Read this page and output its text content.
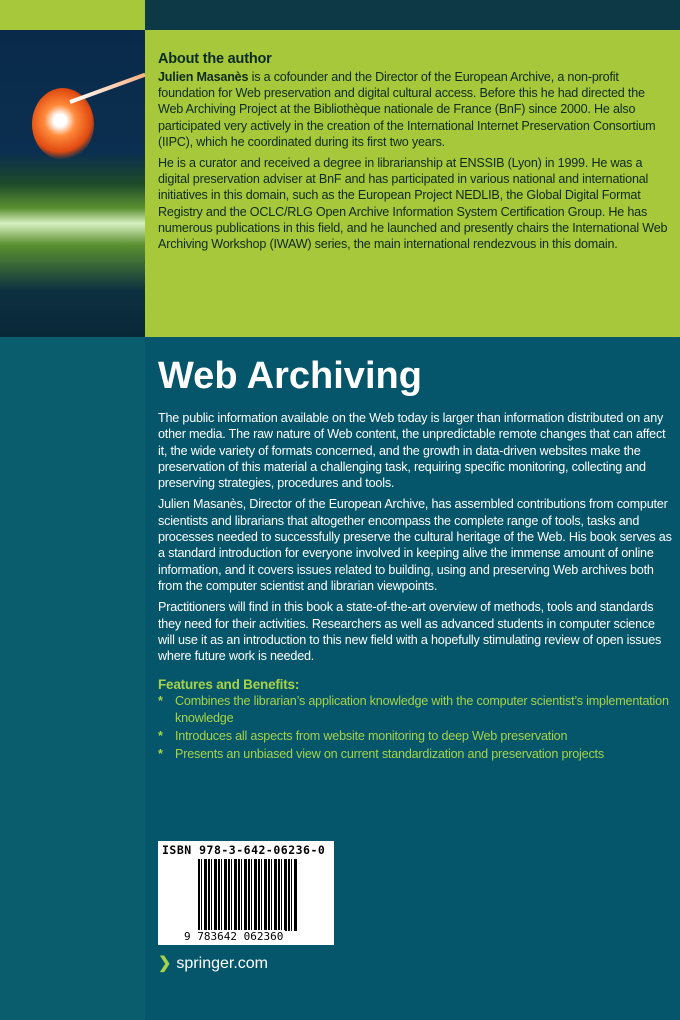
About the author

Julien Masanès is a cofounder and the Director of the European Archive, a non-profit foundation for Web preservation and digital cultural access. Before this he had directed the Web Archiving Project at the Bibliothèque nationale de France (BnF) since 2000. He also participated very actively in the creation of the International Internet Preservation Consortium (IIPC), which he coordinated during its first two years.

He is a curator and received a degree in librarianship at ENSSIB (Lyon) in 1999. He was a digital preservation adviser at BnF and has participated in various national and international initiatives in this domain, such as the European Project NEDLIB, the Global Digital Format Registry and the OCLC/RLG Open Archive Information System Certification Group. He has numerous publications in this field, and he launched and presently chairs the International Web Archiving Workshop (IWAW) series, the main international rendezvous in this domain.

Web Archiving

The public information available on the Web today is larger than information distributed on any other media. The raw nature of Web content, the unpredictable remote changes that can affect it, the wide variety of formats concerned, and the growth in data-driven websites make the preservation of this material a challenging task, requiring specific monitoring, collecting and preserving strategies, procedures and tools.

Julien Masanès, Director of the European Archive, has assembled contributions from computer scientists and librarians that altogether encompass the complete range of tools, tasks and processes needed to successfully preserve the cultural heritage of the Web. His book serves as a standard introduction for everyone involved in keeping alive the immense amount of online information, and it covers issues related to building, using and preserving Web archives both from the computer scientist and librarian viewpoints.

Practitioners will find in this book a state-of-the-art overview of methods, tools and standards they need for their activities. Researchers as well as advanced students in computer science will use it as an introduction to this new field with a hopefully stimulating review of open issues where future work is needed.

Features and Benefits:
* Combines the librarian’s application knowledge with the computer scientist’s implementation knowledge
* Introduces all aspects from website monitoring to deep Web preservation
* Presents an unbiased view on current standardization and preservation projects
ISBN 978-3-642-06236-0
9 783642 062360
❯ springer.com
